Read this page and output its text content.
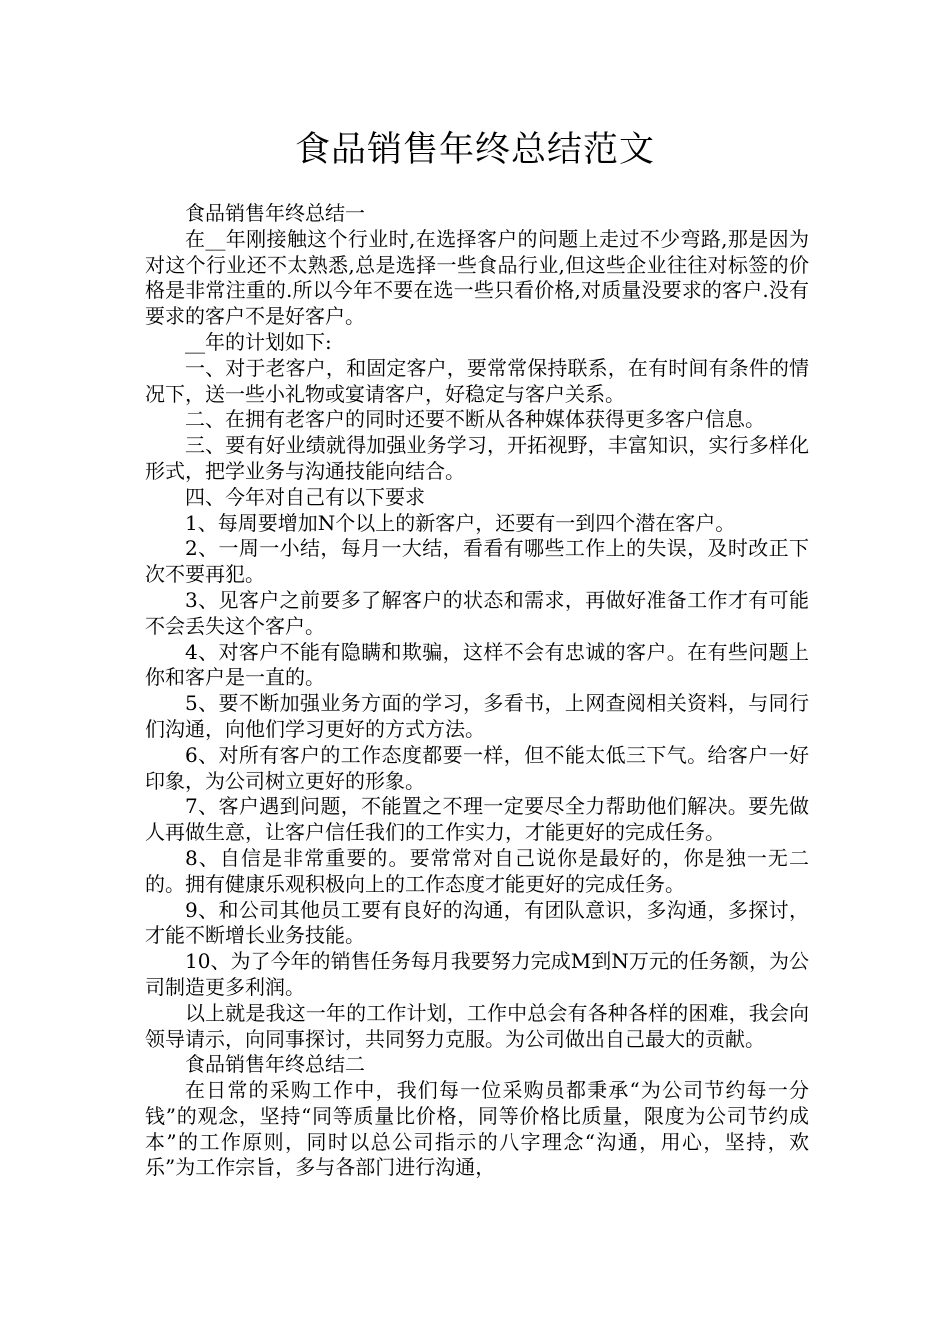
食品销售年终总结范文

食品销售年终总结一

在__年刚接触这个行业时,在选择客户的问题上走过不少弯路,那是因为对这个行业还不太熟悉,总是选择一些食品行业,但这些企业往往对标签的价格是非常注重的.所以今年不要在选一些只看价格,对质量没要求的客户.没有要求的客户不是好客户。

__年的计划如下:

一、对于老客户，和固定客户，要常常保持联系，在有时间有条件的情况下，送一些小礼物或宴请客户，好稳定与客户关系。

二、在拥有老客户的同时还要不断从各种媒体获得更多客户信息。

三、要有好业绩就得加强业务学习，开拓视野，丰富知识，实行多样化形式，把学业务与沟通技能向结合。

四、今年对自己有以下要求

1、每周要增加N个以上的新客户，还要有一到四个潜在客户。

2、一周一小结，每月一大结，看看有哪些工作上的失误，及时改正下次不要再犯。

3、见客户之前要多了解客户的状态和需求，再做好准备工作才有可能不会丢失这个客户。

4、对客户不能有隐瞒和欺骗，这样不会有忠诚的客户。在有些问题上你和客户是一直的。

5、要不断加强业务方面的学习，多看书，上网查阅相关资料，与同行们沟通，向他们学习更好的方式方法。

6、对所有客户的工作态度都要一样，但不能太低三下气。给客户一好印象，为公司树立更好的形象。

7、客户遇到问题，不能置之不理一定要尽全力帮助他们解决。要先做人再做生意，让客户信任我们的工作实力，才能更好的完成任务。

8、自信是非常重要的。要常常对自己说你是最好的，你是独一无二的。拥有健康乐观积极向上的工作态度才能更好的完成任务。

9、和公司其他员工要有良好的沟通，有团队意识，多沟通，多探讨，才能不断增长业务技能。

10、为了今年的销售任务每月我要努力完成M到N万元的任务额，为公司制造更多利润。

以上就是我这一年的工作计划，工作中总会有各种各样的困难，我会向领导请示，向同事探讨，共同努力克服。为公司做出自己最大的贡献。

食品销售年终总结二

在日常的采购工作中，我们每一位采购员都秉承“为公司节约每一分钱”的观念，坚持“同等质量比价格，同等价格比质量，限度为公司节约成本”的工作原则，同时以总公司指示的八字理念“沟通，用心，坚持，欢乐”为工作宗旨，多与各部门进行沟通，
